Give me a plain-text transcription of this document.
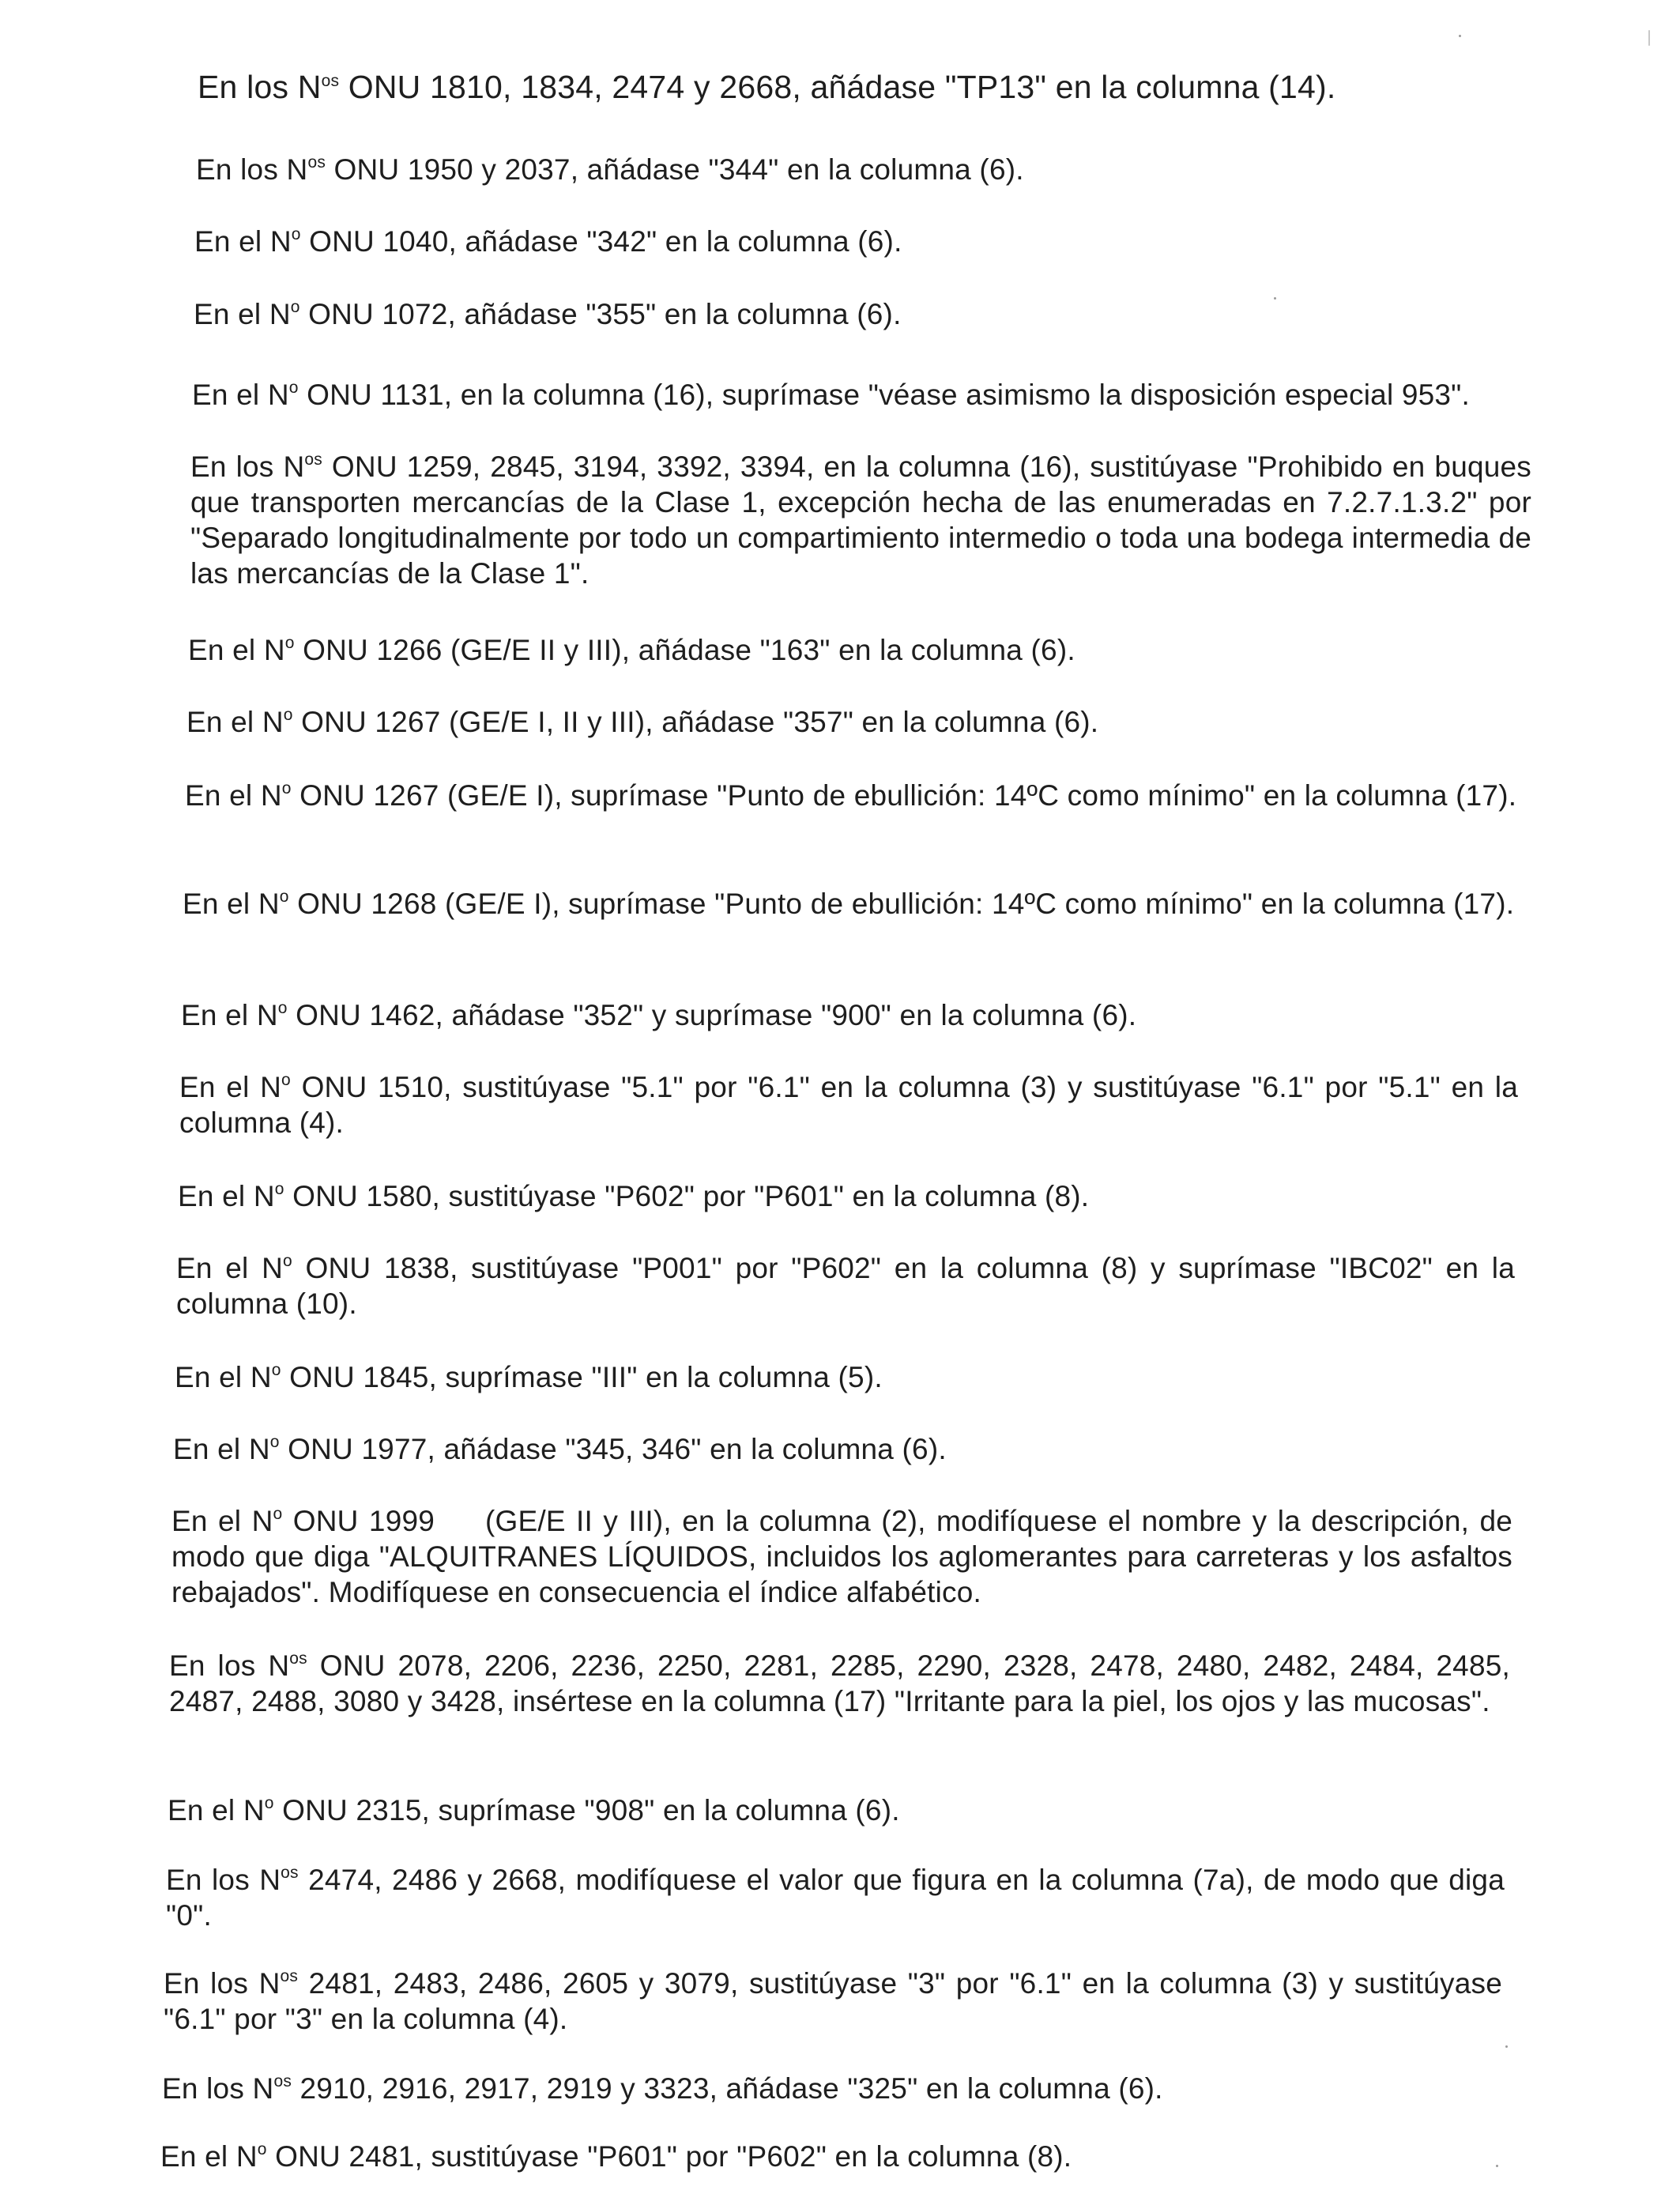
En los $N^{os}$ ONU 1810, 1834, 2474 y 2668, añádase "TP13" en la columna (14).

En los $N^{os}$ ONU 1950 y 2037, añádase "344" en la columna (6).

En el $N^o$ ONU 1040, añádase "342" en la columna (6).

En el $N^o$ ONU 1072, añádase "355" en la columna (6).

En el $N^o$ ONU 1131, en la columna (16), suprímase "véase asimismo la disposición especial 953".

En los $N^{os}$ ONU 1259, 2845, 3194, 3392, 3394, en la columna (16), sustitúyase "Prohibido en buques que transporten mercancías de la Clase 1, excepción hecha de las enumeradas en 7.2.7.1.3.2" por "Separado longitudinalmente por todo un compartimiento intermedio o toda una bodega intermedia de las mercancías de la Clase 1".

En el $N^o$ ONU 1266 (GE/E II y III), añádase "163" en la columna (6).

En el $N^o$ ONU 1267 (GE/E I, II y III), añádase "357" en la columna (6).

En el $N^o$ ONU 1267 (GE/E I), suprímase "Punto de ebullición: 14ºC como mínimo" en la columna (17).

En el $N^o$ ONU 1268 (GE/E I), suprímase "Punto de ebullición: 14ºC como mínimo" en la columna (17).

En el $N^o$ ONU 1462, añádase "352" y suprímase "900" en la columna (6).

En el $N^o$ ONU 1510, sustitúyase "5.1" por "6.1" en la columna (3) y sustitúyase "6.1" por "5.1" en la columna (4).

En el $N^o$ ONU 1580, sustitúyase "P602" por "P601" en la columna (8).

En el $N^o$ ONU 1838, sustitúyase "P001" por "P602" en la columna (8) y suprímase "IBC02" en la columna (10).

En el $N^o$ ONU 1845, suprímase "III" en la columna (5).

En el $N^o$ ONU 1977, añádase "345, 346" en la columna (6).

En el $N^o$ ONU 1999   (GE/E II y III), en la columna (2), modifíquese el nombre y la descripción, de modo que diga "ALQUITRANES LÍQUIDOS, incluidos los aglomerantes para carreteras y los asfaltos rebajados". Modifíquese en consecuencia el índice alfabético.

En los $N^{os}$ ONU 2078, 2206, 2236, 2250, 2281, 2285, 2290, 2328, 2478, 2480, 2482, 2484, 2485, 2487, 2488, 3080 y 3428, insértese en la columna (17) "Irritante para la piel, los ojos y las mucosas".

En el $N^o$ ONU 2315, suprímase "908" en la columna (6).

En los $N^{os}$ 2474, 2486 y 2668, modifíquese el valor que figura en la columna (7a), de modo que diga "0".

En los $N^{os}$ 2481, 2483, 2486, 2605 y 3079, sustitúyase "3" por "6.1" en la columna (3) y sustitúyase "6.1" por "3" en la columna (4).

En los $N^{os}$ 2910, 2916, 2917, 2919 y 3323, añádase "325" en la columna (6).

En el $N^o$ ONU 2481, sustitúyase "P601" por "P602" en la columna (8).
